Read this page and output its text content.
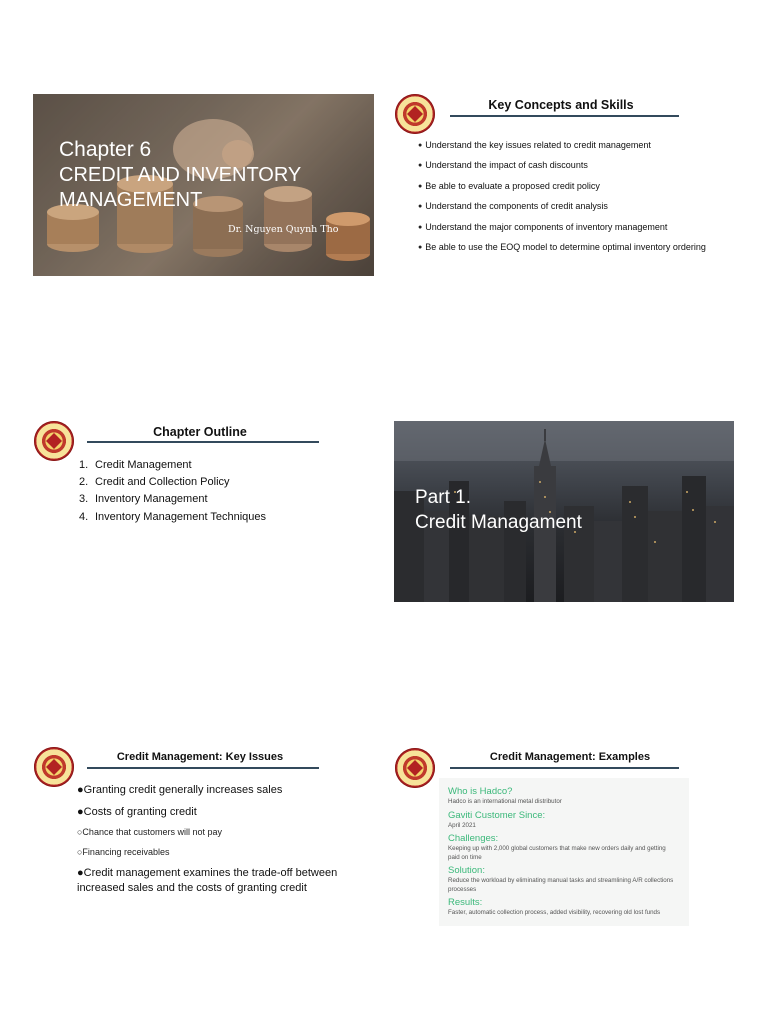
Chapter 6
CREDIT AND INVENTORY
MANAGEMENT
Dr. Nguyen Quynh Tho
Key Concepts and Skills
● Understand the key issues related to credit management
● Understand the impact of cash discounts
● Be able to evaluate a proposed credit policy
● Understand the components of credit analysis
● Understand the major components of inventory management
● Be able to use the EOQ model to determine optimal inventory ordering
Chapter Outline
1. Credit Management
2. Credit and Collection Policy
3. Inventory Management
4. Inventory Management Techniques
Part 1.
Credit Managament
Credit Management: Key Issues
●Granting credit generally increases sales
●Costs of granting credit
○Chance that customers will not pay
○Financing receivables
●Credit management examines the trade-off between
increased sales and the costs of granting credit
Credit Management: Examples
Who is Hadco?
Hadco is an international metal distributor
Gaviti Customer Since:
April 2021
Challenges:
Keeping up with 2,000 global customers that make new orders daily and getting
paid on time
Solution:
Reduce the workload by eliminating manual tasks and streamlining A/R collections
processes
Results:
Faster, automatic collection process, added visibility, recovering old lost funds
